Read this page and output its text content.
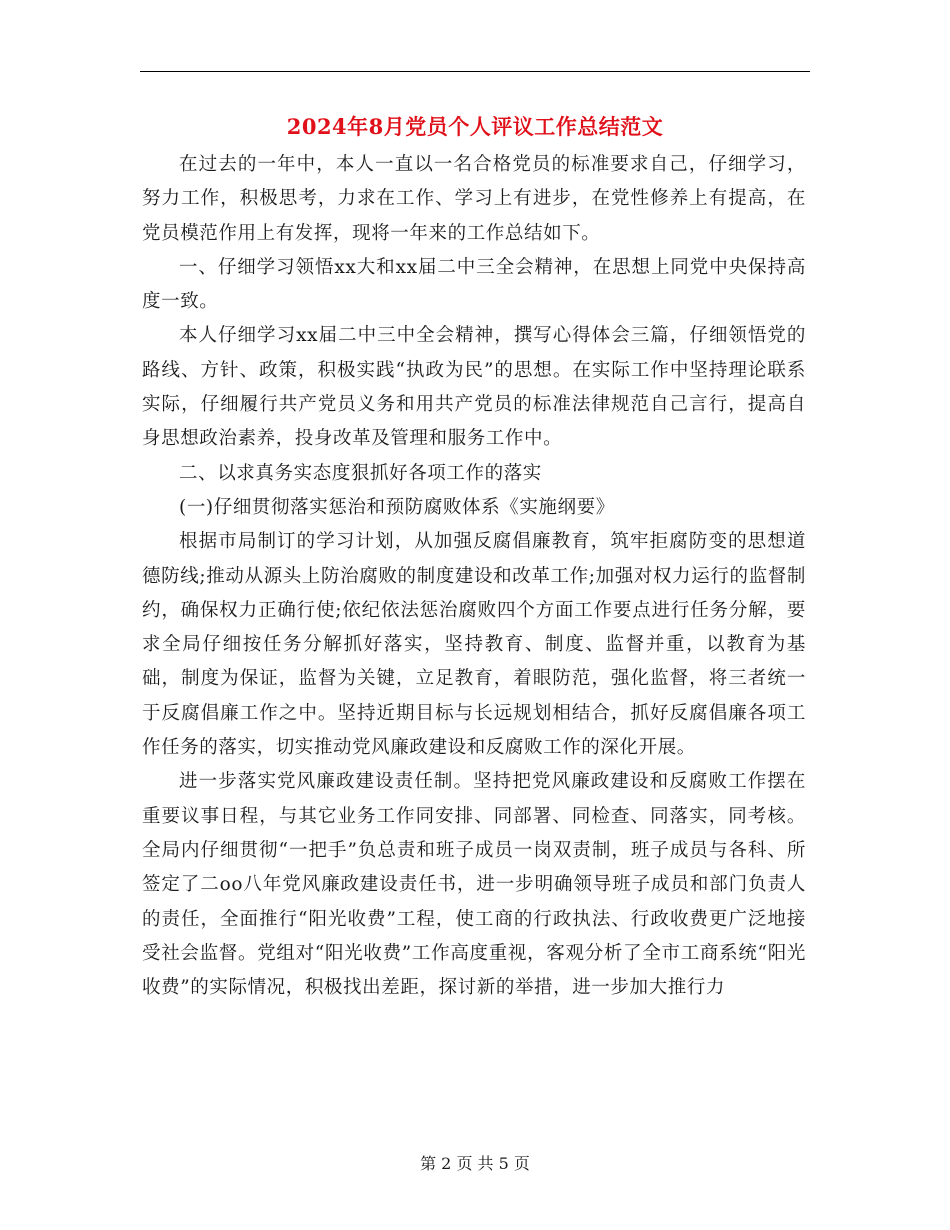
2024年8月党员个人评议工作总结范文

在过去的一年中，本人一直以一名合格党员的标准要求自己，仔细学习，努力工作，积极思考，力求在工作、学习上有进步，在党性修养上有提高，在党员模范作用上有发挥，现将一年来的工作总结如下。

一、仔细学习领悟xx大和xx届二中三全会精神，在思想上同党中央保持高度一致。

本人仔细学习xx届二中三中全会精神，撰写心得体会三篇，仔细领悟党的路线、方针、政策，积极实践“执政为民”的思想。在实际工作中坚持理论联系实际，仔细履行共产党员义务和用共产党员的标准法律规范自己言行，提高自身思想政治素养，投身改革及管理和服务工作中。

二、以求真务实态度狠抓好各项工作的落实

(一)仔细贯彻落实惩治和预防腐败体系《实施纲要》

根据市局制订的学习计划，从加强反腐倡廉教育，筑牢拒腐防变的思想道德防线;推动从源头上防治腐败的制度建设和改革工作;加强对权力运行的监督制约，确保权力正确行使;依纪依法惩治腐败四个方面工作要点进行任务分解，要求全局仔细按任务分解抓好落实，坚持教育、制度、监督并重，以教育为基础，制度为保证，监督为关键，立足教育，着眼防范，强化监督，将三者统一于反腐倡廉工作之中。坚持近期目标与长远规划相结合，抓好反腐倡廉各项工作任务的落实，切实推动党风廉政建设和反腐败工作的深化开展。

进一步落实党风廉政建设责任制。坚持把党风廉政建设和反腐败工作摆在重要议事日程，与其它业务工作同安排、同部署、同检查、同落实，同考核。全局内仔细贯彻“一把手”负总责和班子成员一岗双责制，班子成员与各科、所签定了二oo八年党风廉政建设责任书，进一步明确领导班子成员和部门负责人的责任，全面推行“阳光收费”工程，使工商的行政执法、行政收费更广泛地接受社会监督。党组对“阳光收费”工作高度重视，客观分析了全市工商系统“阳光收费”的实际情况，积极找出差距，探讨新的举措，进一步加大推行力

第 2 页 共 5 页
